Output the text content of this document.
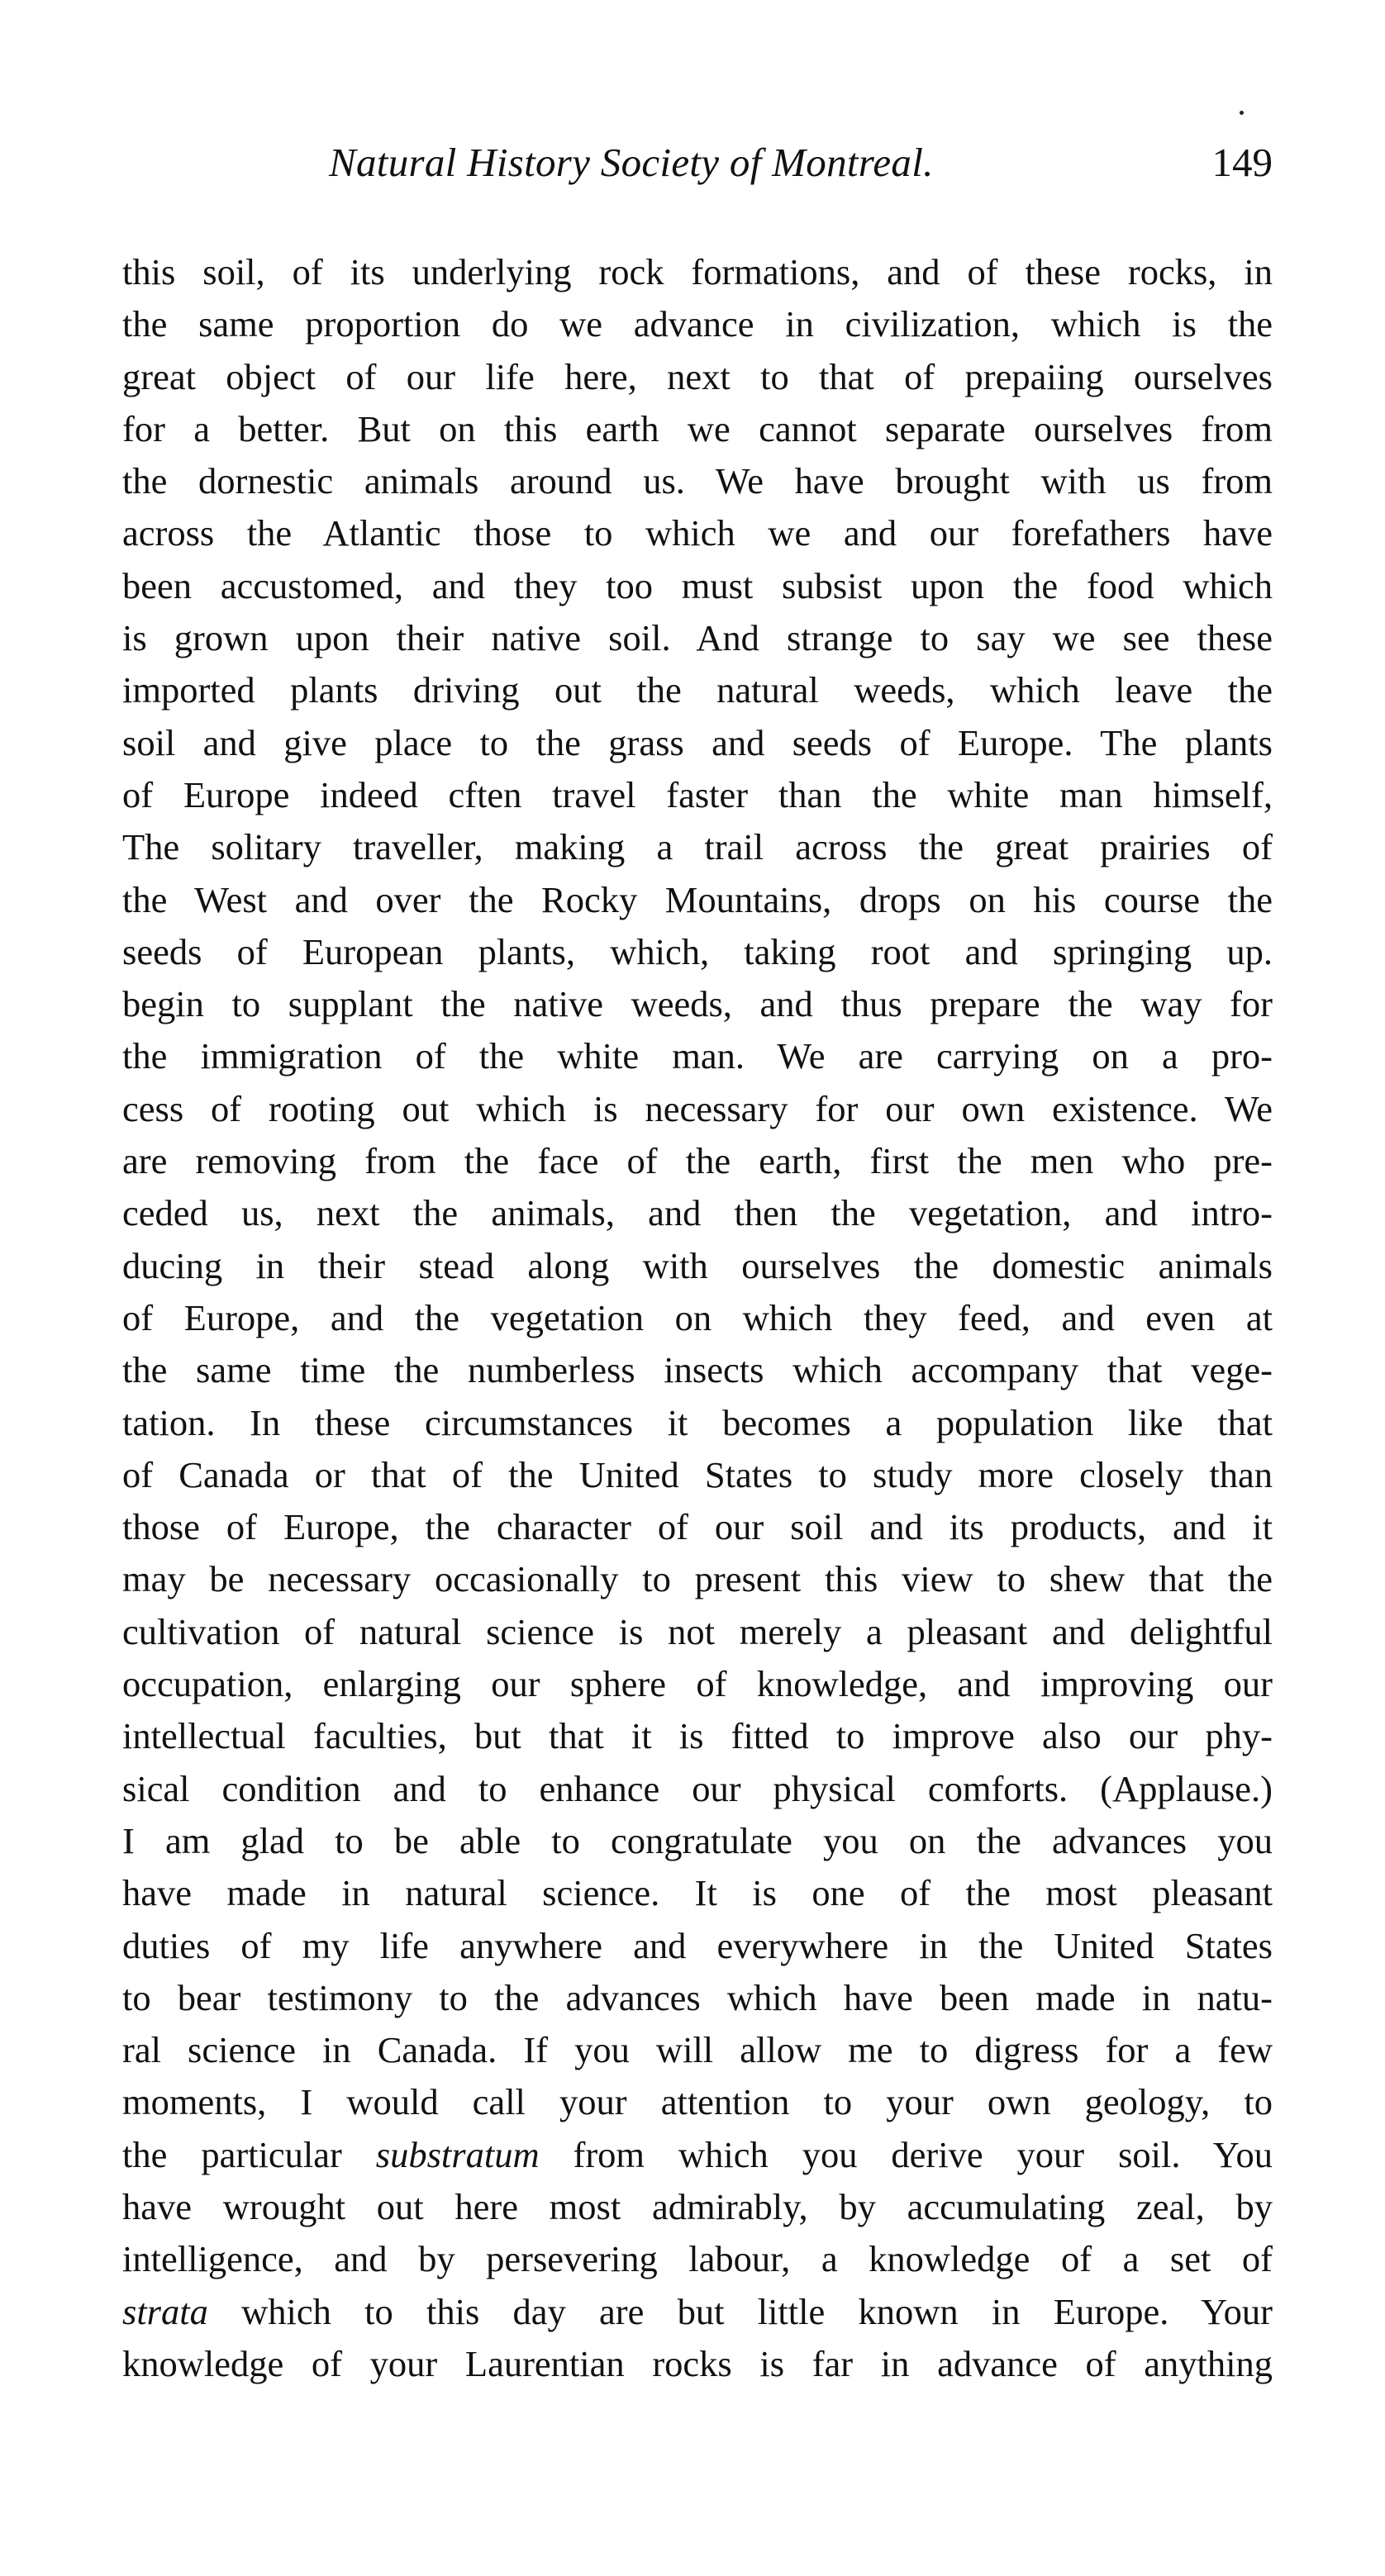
Natural History Society of Montreal.	149
this soil, of its underlying rock formations, and of these rocks, in
the same proportion do we advance in civilization, which is the
great object of our life here, next to that of prepaiing ourselves
for a better. But on this earth we cannot separate ourselves from
the dornestic animals around us. We have brought with us from
across the Atlantic those to which we and our forefathers have
been accustomed, and they too must subsist upon the food which
is grown upon their native soil. And strange to say we see these
imported plants driving out the natural weeds, which leave the
soil and give place to the grass and seeds of Europe. The plants
of Europe indeed cften travel faster than the white man himself,
The solitary traveller, making a trail across the great prairies of
the West and over the Rocky Mountains, drops on his course the
seeds of European plants, which, taking root and springing up.
begin to supplant the native weeds, and thus prepare the way for
the immigration of the white man. We are carrying on a pro-
cess of rooting out which is necessary for our own existence. We
are removing from the face of the earth, first the men who pre-
ceded us, next the animals, and then the vegetation, and intro-
ducing in their stead along with ourselves the domestic animals
of Europe, and the vegetation on which they feed, and even at
the same time the numberless insects which accompany that vege-
tation. In these circumstances it becomes a population like that
of Canada or that of the United States to study more closely than
those of Europe, the character of our soil and its products, and it
may be necessary occasionally to present this view to shew that the
cultivation of natural science is not merely a pleasant and delightful
occupation, enlarging our sphere of knowledge, and improving our
intellectual faculties, but that it is fitted to improve also our phy-
sical condition and to enhance our physical comforts. (Applause.)
I am glad to be able to congratulate you on the advances you
have made in natural science. It is one of the most pleasant
duties of my life anywhere and everywhere in the United States
to bear testimony to the advances which have been made in natu-
ral science in Canada. If you will allow me to digress for a few
moments, I would call your attention to your own geology, to
the particular substratum from which you derive your soil. You
have wrought out here most admirably, by accumulating zeal, by
intelligence, and by persevering labour, a knowledge of a set of
strata which to this day are but little known in Europe. Your
knowledge of your Laurentian rocks is far in advance of anything
